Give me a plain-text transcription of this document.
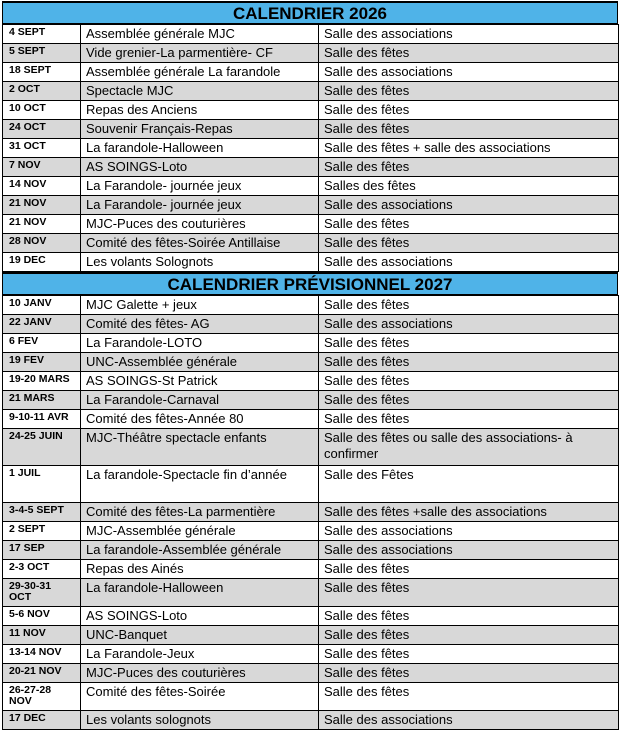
CALENDRIER 2026
4 SEPT	Assemblée générale MJC	Salle des associations
5 SEPT	Vide grenier-La parmentière- CF	Salle des fêtes
18 SEPT	Assemblée générale La farandole	Salle des associations
2 OCT	Spectacle MJC	Salle des fêtes
10 OCT	Repas des Anciens	Salle des fêtes
24 OCT	Souvenir Français-Repas	Salle des fêtes
31 OCT	La farandole-Halloween	Salle des fêtes + salle des associations
7 NOV	AS SOINGS-Loto	Salle des fêtes
14 NOV	La Farandole- journée jeux	Salles des fêtes
21 NOV	La Farandole- journée jeux	Salle des associations
21 NOV	MJC-Puces des couturières	Salle des fêtes
28 NOV	Comité des fêtes-Soirée Antillaise	Salle des fêtes
19 DEC	Les volants Solognots	Salle des associations
CALENDRIER PRÉVISIONNEL 2027
10 JANV	MJC Galette + jeux	Salle des fêtes
22 JANV	Comité des fêtes- AG	Salle des associations
6 FEV	La Farandole-LOTO	Salle des fêtes
19 FEV	UNC-Assemblée générale	Salle des fêtes
19-20 MARS	AS SOINGS-St Patrick	Salle des fêtes
21 MARS	La Farandole-Carnaval	Salle des fêtes
9-10-11 AVR	Comité des fêtes-Année 80	Salle des fêtes
24-25 JUIN	MJC-Théâtre spectacle enfants	Salle des fêtes ou salle des associations- à confirmer
1 JUIL	La farandole-Spectacle fin d’année	Salle des Fêtes
3-4-5 SEPT	Comité des fêtes-La parmentière	Salle des fêtes +salle des associations
2 SEPT	MJC-Assemblée générale	Salle des associations
17 SEP	La farandole-Assemblée générale	Salle des associations
2-3 OCT	Repas des Ainés	Salle des fêtes
29-30-31 OCT	La farandole-Halloween	Salle des fêtes
5-6 NOV	AS SOINGS-Loto	Salle des fêtes
11 NOV	UNC-Banquet	Salle des fêtes
13-14 NOV	La Farandole-Jeux	Salle des fêtes
20-21 NOV	MJC-Puces des couturières	Salle des fêtes
26-27-28 NOV	Comité des fêtes-Soirée	Salle des fêtes
17 DEC	Les volants solognots	Salle des associations
